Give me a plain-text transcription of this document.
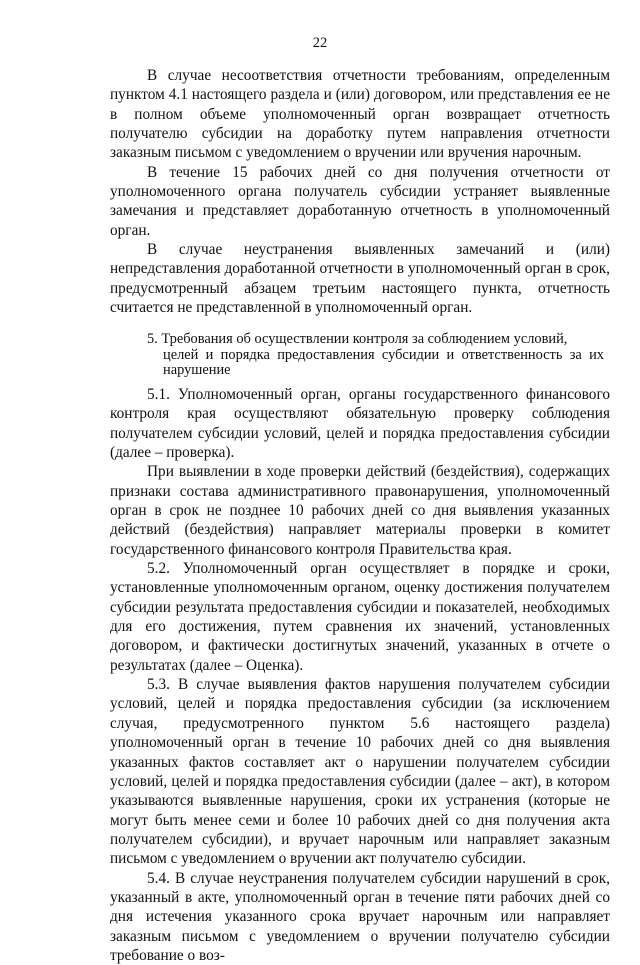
22

В случае несоответствия отчетности требованиям, определенным пунктом 4.1 настоящего раздела и (или) договором, или представления ее не в полном объеме уполномоченный орган возвращает отчетность получателю субсидии на доработку путем направления отчетности заказным письмом с уведомлением о вручении или вручения нарочным.

В течение 15 рабочих дней со дня получения отчетности от уполномоченного органа получатель субсидии устраняет выявленные замечания и представляет доработанную отчетность в уполномоченный орган.

В случае неустранения выявленных замечаний и (или) непредставления доработанной отчетности в уполномоченный орган в срок, предусмотренный абзацем третьим настоящего пункта, отчетность считается не представленной в уполномоченный орган.

5. Требования об осуществлении контроля за соблюдением условий,
целей и порядка предоставления субсидии и ответственность за их нарушение

5.1. Уполномоченный орган, органы государственного финансового контроля края осуществляют обязательную проверку соблюдения получателем субсидии условий, целей и порядка предоставления субсидии (далее – проверка).

При выявлении в ходе проверки действий (бездействия), содержащих признаки состава административного правонарушения, уполномоченный орган в срок не позднее 10 рабочих дней со дня выявления указанных действий (бездействия) направляет материалы проверки в комитет государственного финансового контроля Правительства края.

5.2. Уполномоченный орган осуществляет в порядке и сроки, установленные уполномоченным органом, оценку достижения получателем субсидии результата предоставления субсидии и показателей, необходимых для его достижения, путем сравнения их значений, установленных договором, и фактически достигнутых значений, указанных в отчете о результатах (далее – Оценка).

5.3. В случае выявления фактов нарушения получателем субсидии условий, целей и порядка предоставления субсидии (за исключением случая, предусмотренного пунктом 5.6 настоящего раздела) уполномоченный орган в течение 10 рабочих дней со дня выявления указанных фактов составляет акт о нарушении получателем субсидии условий, целей и порядка предоставления субсидии (далее – акт), в котором указываются выявленные нарушения, сроки их устранения (которые не могут быть менее семи и более 10 рабочих дней со дня получения акта получателем субсидии), и вручает нарочным или направляет заказным письмом с уведомлением о вручении акт получателю субсидии.

5.4. В случае неустранения получателем субсидии нарушений в срок, указанный в акте, уполномоченный орган в течение пяти рабочих дней со дня истечения указанного срока вручает нарочным или направляет заказным письмом с уведомлением о вручении получателю субсидии требование о воз-
